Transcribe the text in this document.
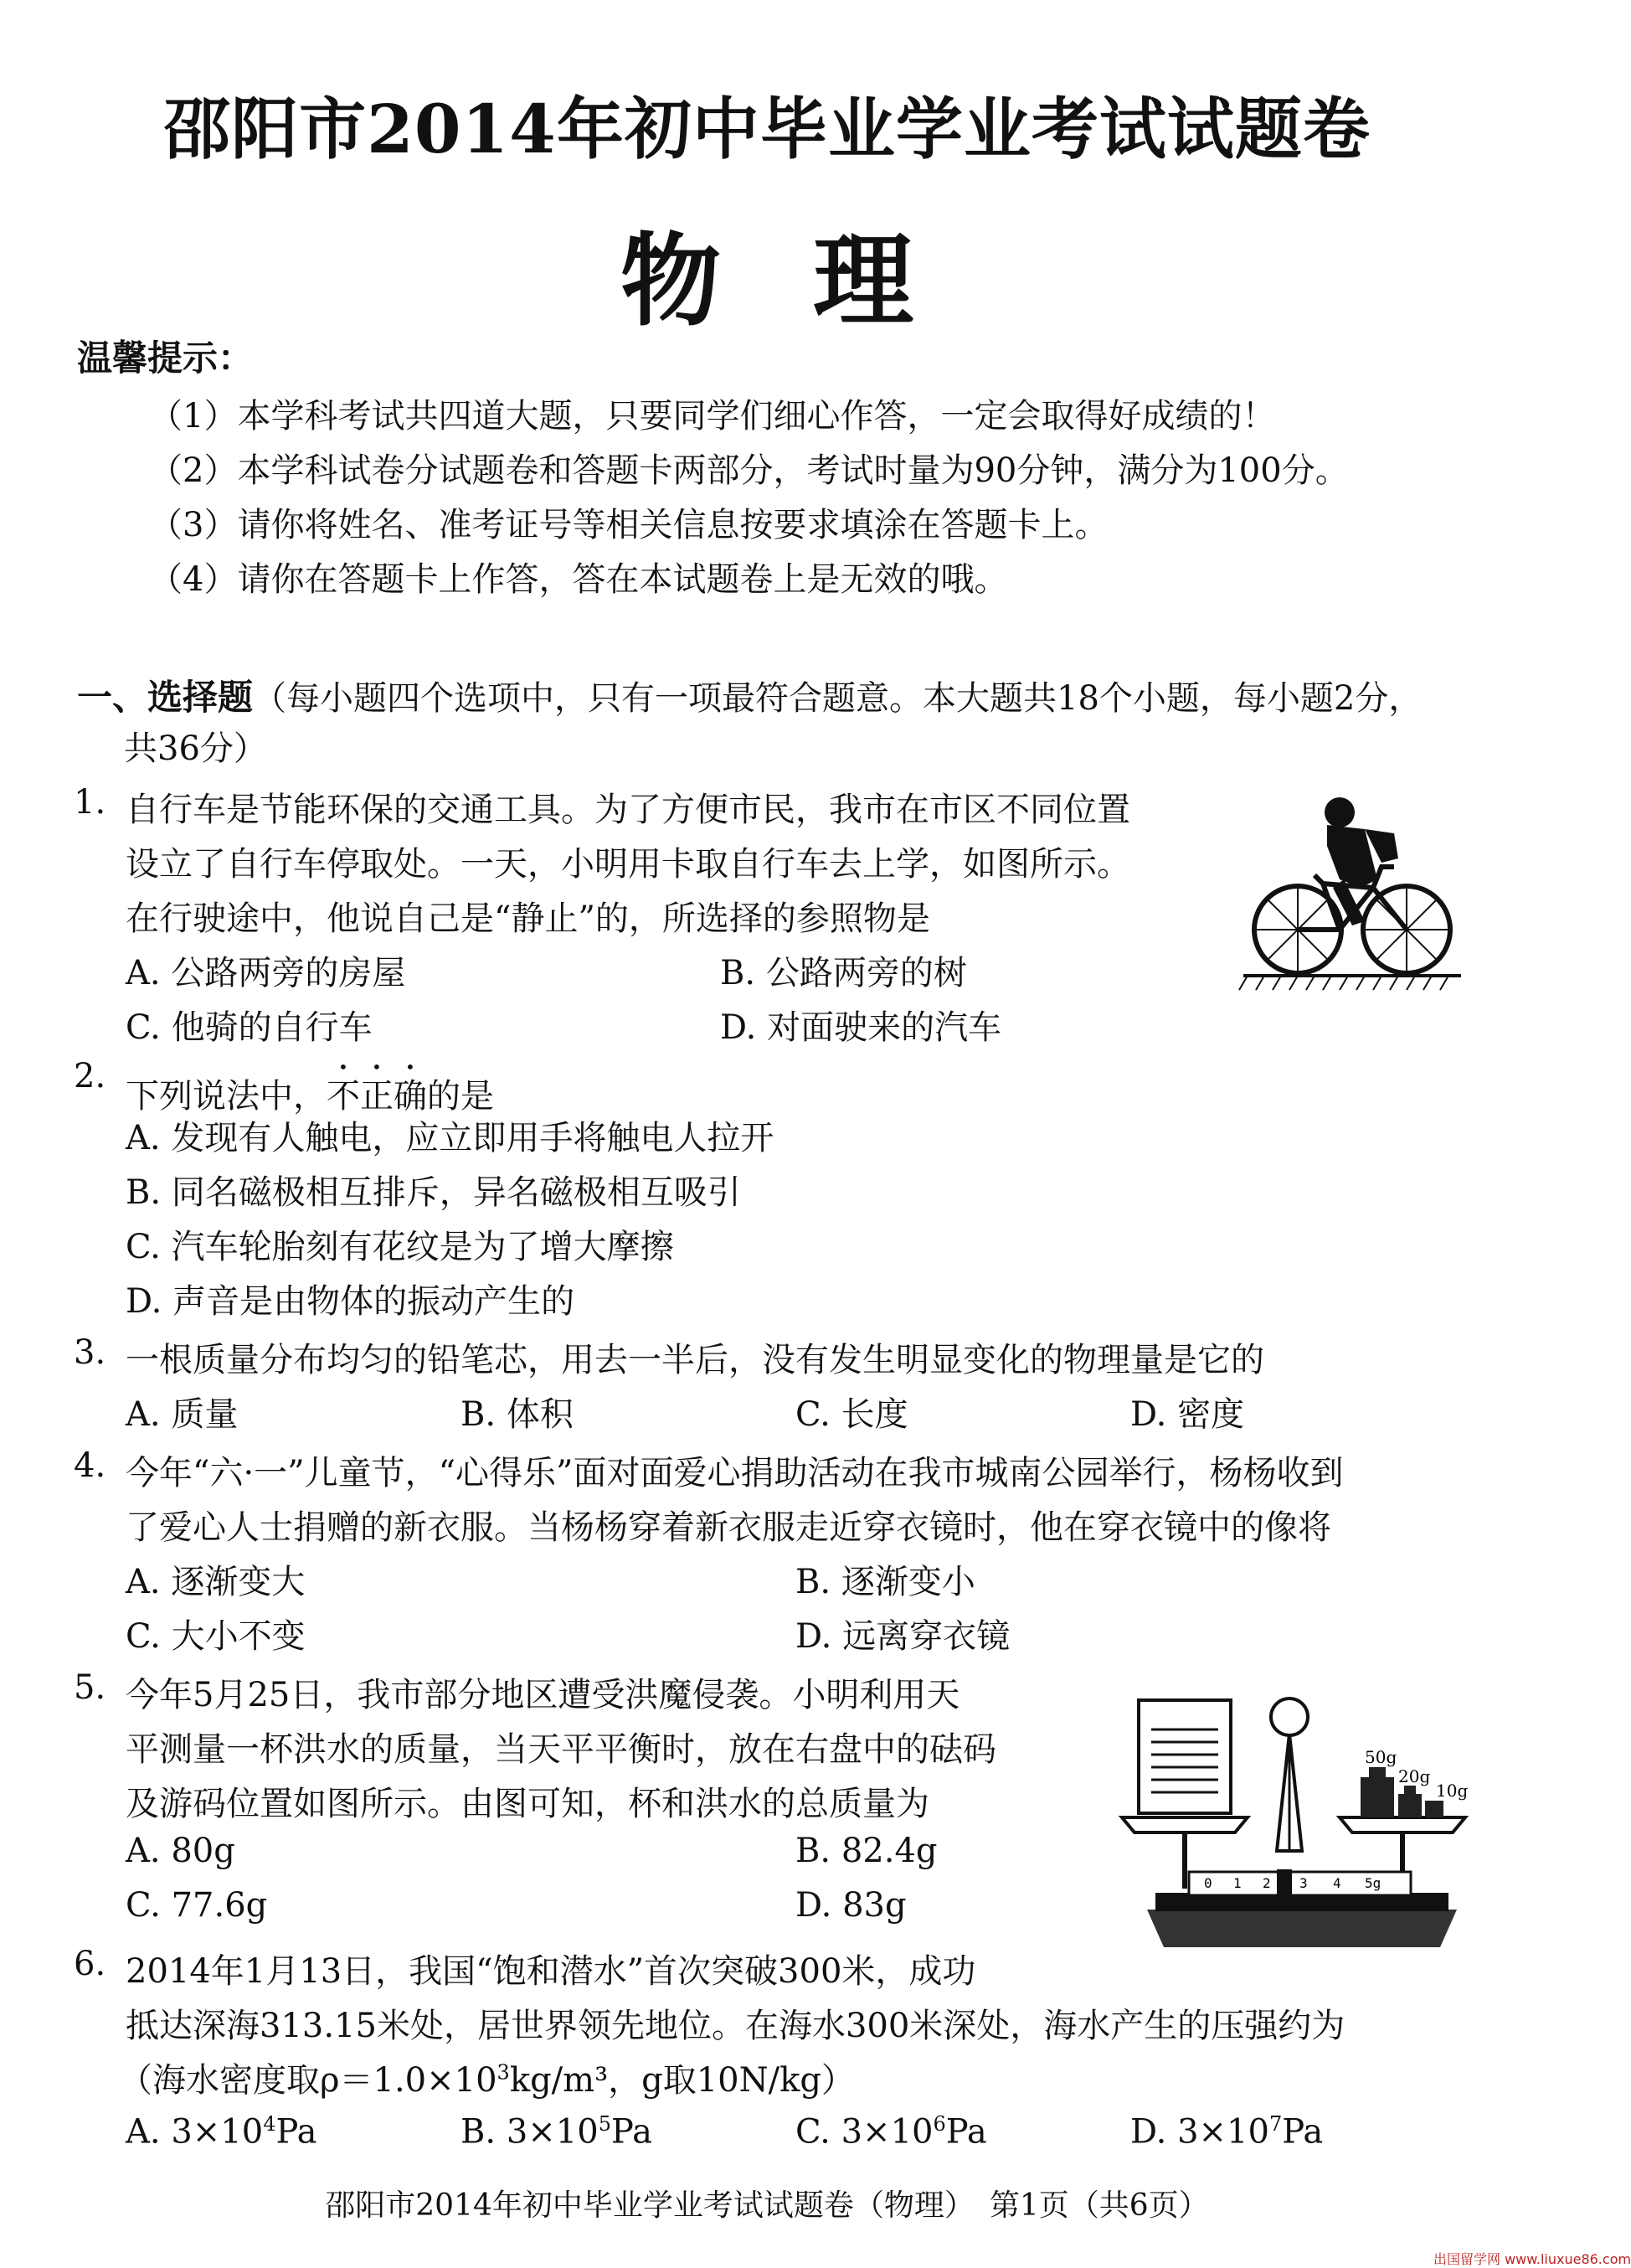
邵阳市2014年初中毕业学业考试试题卷
物理
温馨提示：
（1）本学科考试共四道大题，只要同学们细心作答，一定会取得好成绩的！
（2）本学科试卷分试题卷和答题卡两部分，考试时量为90分钟，满分为100分。
（3）请你将姓名、准考证号等相关信息按要求填涂在答题卡上。
（4）请你在答题卡上作答，答在本试题卷上是无效的哦。
一、选择题（每小题四个选项中，只有一项最符合题意。本大题共18个小题，每小题2分，
共36分）
1. 自行车是节能环保的交通工具。为了方便市民，我市在市区不同位置
设立了自行车停取处。一天，小明用卡取自行车去上学，如图所示。
在行驶途中，他说自己是“静止”的，所选择的参照物是
A. 公路两旁的房屋	B. 公路两旁的树
C. 他骑的自行车	D. 对面驶来的汽车
2.
下列说法中，不正确的是
A. 发现有人触电，应立即用手将触电人拉开
B. 同名磁极相互排斥，异名磁极相互吸引
C. 汽车轮胎刻有花纹是为了增大摩擦
D. 声音是由物体的振动产生的
3. 一根质量分布均匀的铅笔芯，用去一半后，没有发生明显变化的物理量是它的
A. 质量	B. 体积	C. 长度	D. 密度
4. 今年“六·一”儿童节，“心得乐”面对面爱心捐助活动在我市城南公园举行，杨杨收到
了爱心人士捐赠的新衣服。当杨杨穿着新衣服走近穿衣镜时，他在穿衣镜中的像将
A. 逐渐变大	B. 逐渐变小
C. 大小不变	D. 远离穿衣镜
5. 今年5月25日，我市部分地区遭受洪魔侵袭。小明利用天
平测量一杯洪水的质量，当天平平衡时，放在右盘中的砝码
及游码位置如图所示。由图可知，杯和洪水的总质量为
A. 80g	B. 82.4g
C. 77.6g	D. 83g
50g
20g
10g
0 1 2 3 4 5g
6. 2014年1月13日，我国“饱和潜水”首次突破300米，成功
抵达深海313.15米处，居世界领先地位。在海水300米深处，海水产生的压强约为
（海水密度取$\rho=1.0\times 10^3kg/m^3$，g取10N/kg）
A. $3\times 10^4Pa$	B. $3\times 10^5Pa$	C. $3\times 10^6Pa$	D. $3\times 10^7Pa$
邵阳市2014年初中毕业学业考试试题卷（物理）　第1页（共6页）
出国留学网 www.liuxue86.com
